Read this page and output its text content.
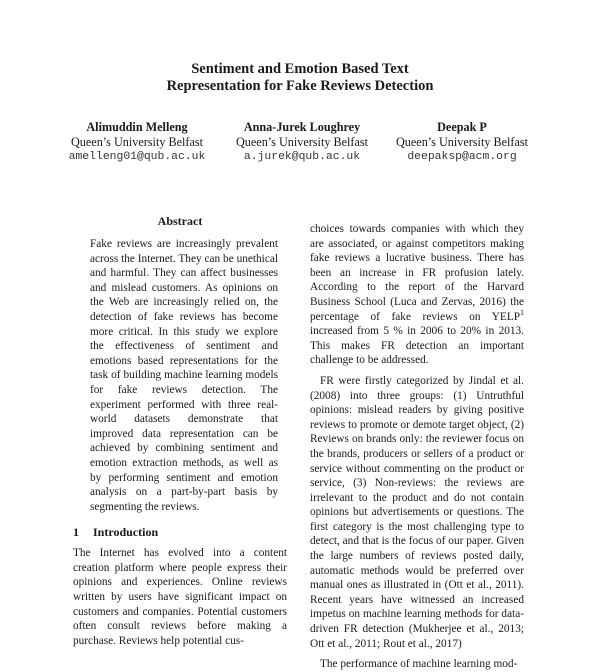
Sentiment and Emotion Based Text
Representation for Fake Reviews Detection
Alimuddin Melleng
Queen’s University Belfast
amelleng01@qub.ac.uk
Anna-Jurek Loughrey
Queen’s University Belfast
a.jurek@qub.ac.uk
Deepak P
Queen’s University Belfast
deepaksp@acm.org

Abstract

Fake reviews are increasingly prevalent across the Internet. They can be unethical and harmful. They can affect businesses and mislead customers. As opinions on the Web are increasingly relied on, the detection of fake reviews has become more critical. In this study we explore the effectiveness of sentiment and emotions based representations for the task of building machine learning models for fake reviews detection. The experiment performed with three real-world datasets demonstrate that improved data representation can be achieved by combining sentiment and emotion extraction methods, as well as by performing sentiment and emotion analysis on a part-by-part basis by segmenting the reviews.

1 Introduction

The Internet has evolved into a content creation platform where people express their opinions and experiences. Online reviews written by users have significant impact on customers and companies. Potential customers often consult reviews before making a purchase. Reviews help potential cus-

choices towards companies with which they are associated, or against competitors making fake reviews a lucrative business. There has been an increase in FR profusion lately. According to the report of the Harvard Business School (Luca and Zervas, 2016) the percentage of fake reviews on YELP$^1$ increased from 5 % in 2006 to 20% in 2013. This makes FR detection an important challenge to be addressed.

FR were firstly categorized by Jindal et al. (2008) into three groups: (1) Untruthful opinions: mislead readers by giving positive reviews to promote or demote target object, (2) Reviews on brands only: the reviewer focus on the brands, producers or sellers of a product or service without commenting on the product or service, (3) Non-reviews: the reviews are irrelevant to the product and do not contain opinions but advertisements or questions. The first category is the most challenging type to detect, and that is the focus of our paper. Given the large numbers of reviews posted daily, automatic methods would be preferred over manual ones as illustrated in (Ott et al., 2011). Recent years have witnessed an increased impetus on machine learning methods for data-driven FR detection (Mukherjee et al., 2013; Ott et al., 2011; Rout et al., 2017)

The performance of machine learning mod-
